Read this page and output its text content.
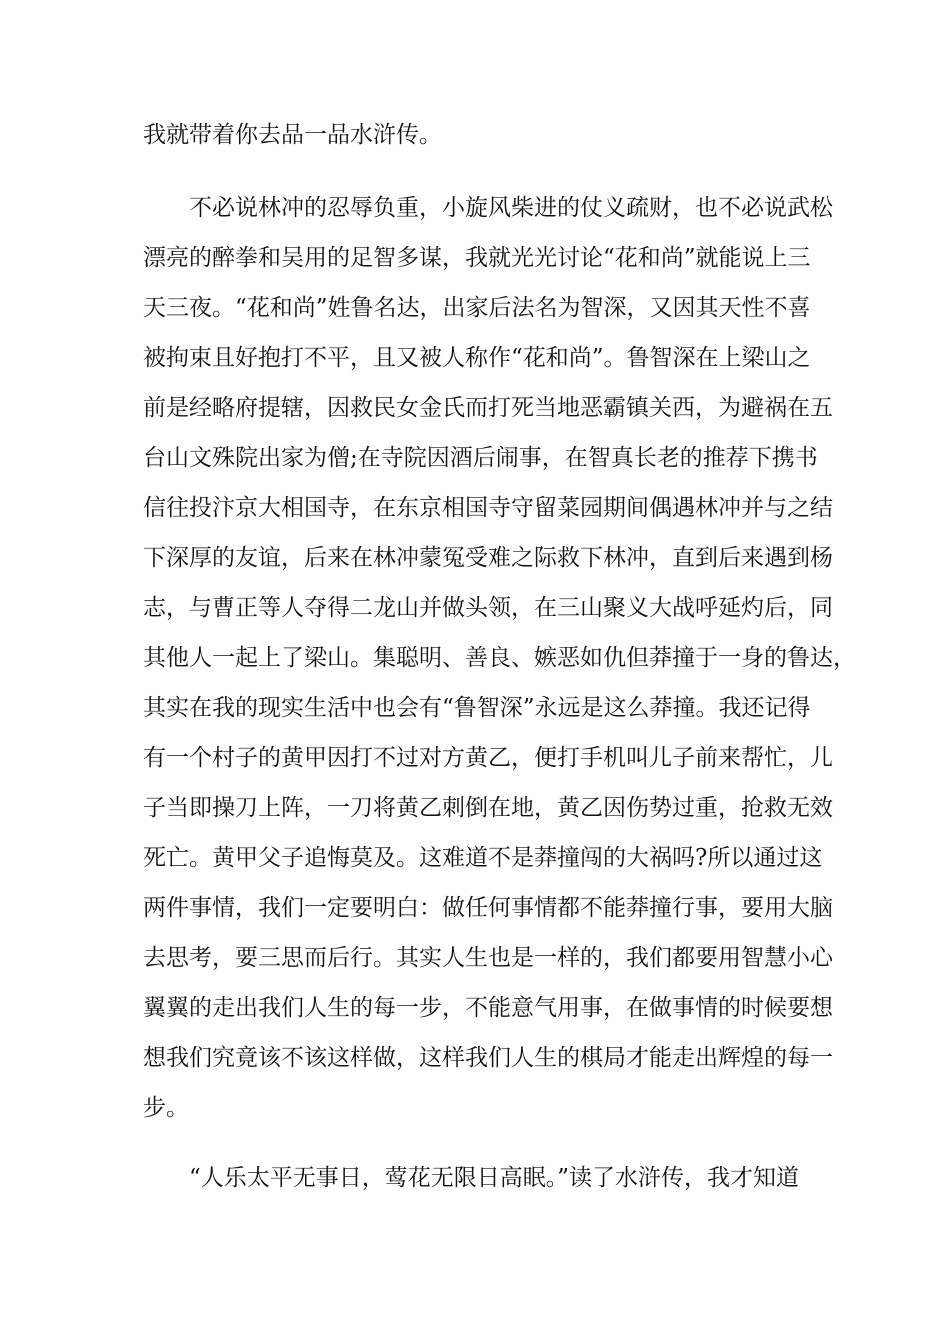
我就带着你去品一品水浒传。
　　不必说林冲的忍辱负重，小旋风柴进的仗义疏财，也不必说武松
漂亮的醉拳和吴用的足智多谋，我就光光讨论“花和尚”就能说上三
天三夜。“花和尚”姓鲁名达，出家后法名为智深，又因其天性不喜
被拘束且好抱打不平，且又被人称作“花和尚”。鲁智深在上梁山之
前是经略府提辖，因救民女金氏而打死当地恶霸镇关西，为避祸在五
台山文殊院出家为僧;在寺院因酒后闹事，在智真长老的推荐下携书
信往投汴京大相国寺，在东京相国寺守留菜园期间偶遇林冲并与之结
下深厚的友谊，后来在林冲蒙冤受难之际救下林冲，直到后来遇到杨
志，与曹正等人夺得二龙山并做头领，在三山聚义大战呼延灼后，同
其他人一起上了梁山。集聪明、善良、嫉恶如仇但莽撞于一身的鲁达，
其实在我的现实生活中也会有“鲁智深”永远是这么莽撞。我还记得
有一个村子的黄甲因打不过对方黄乙，便打手机叫儿子前来帮忙，儿
子当即操刀上阵，一刀将黄乙刺倒在地，黄乙因伤势过重，抢救无效
死亡。黄甲父子追悔莫及。这难道不是莽撞闯的大祸吗?所以通过这
两件事情，我们一定要明白：做任何事情都不能莽撞行事，要用大脑
去思考，要三思而后行。其实人生也是一样的，我们都要用智慧小心
翼翼的走出我们人生的每一步，不能意气用事，在做事情的时候要想
想我们究竟该不该这样做，这样我们人生的棋局才能走出辉煌的每一
步。
　　“人乐太平无事日，莺花无限日高眠。”读了水浒传，我才知道
